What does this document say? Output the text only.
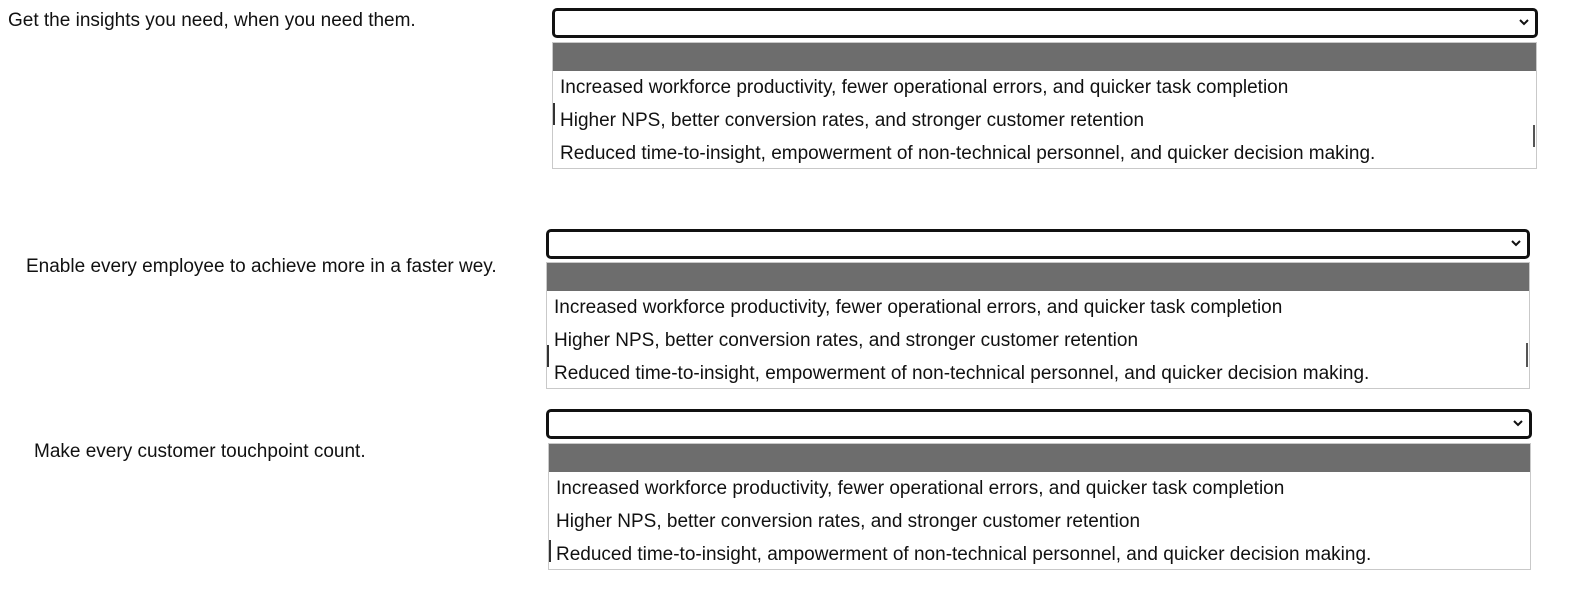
Get the insights you need, when you need them.
Increased workforce productivity, fewer operational errors, and quicker task completion
Higher NPS, better conversion rates, and stronger customer retention
Reduced time-to-insight, empowerment of non-technical personnel, and quicker decision making.
Enable every employee to achieve more in a faster wey.
Increased workforce productivity, fewer operational errors, and quicker task completion
Higher NPS, better conversion rates, and stronger customer retention
Reduced time-to-insight, empowerment of non-technical personnel, and quicker decision making.
Make every customer touchpoint count.
Increased workforce productivity, fewer operational errors, and quicker task completion
Higher NPS, better conversion rates, and stronger customer retention
Reduced time-to-insight, ampowerment of non-technical personnel, and quicker decision making.
